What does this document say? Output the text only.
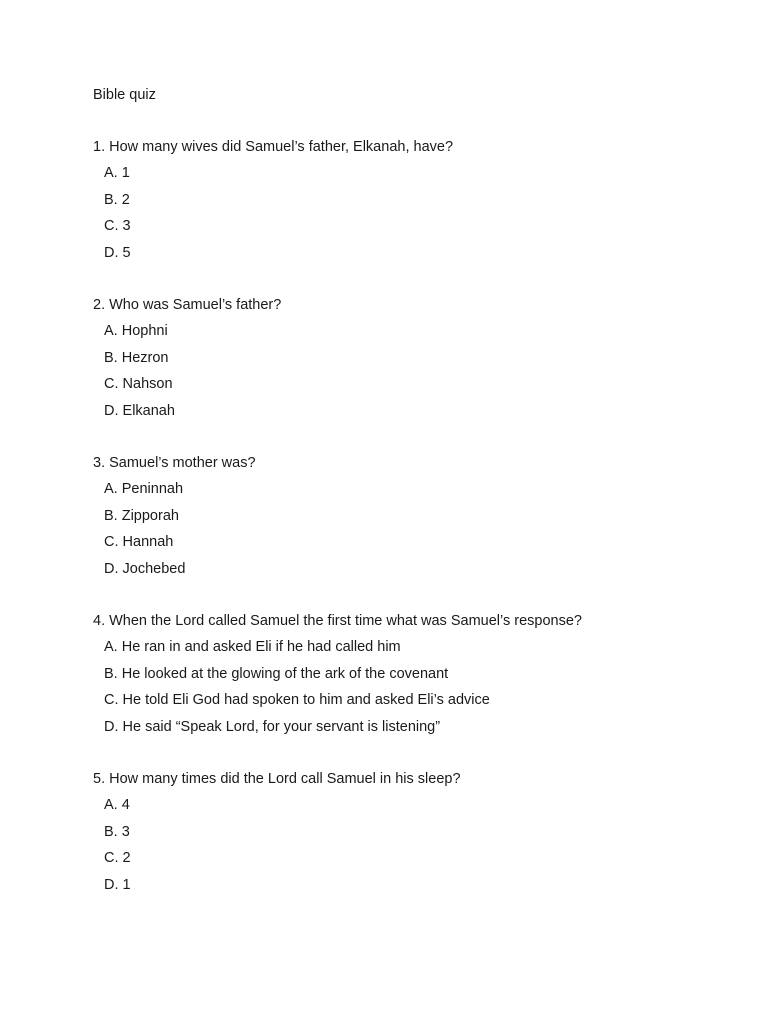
Bible quiz
1. How many wives did Samuel’s father, Elkanah, have?
A. 1
B. 2
C. 3
D. 5
2. Who was Samuel’s father?
A. Hophni
B. Hezron
C. Nahson
D. Elkanah
3. Samuel’s mother was?
A. Peninnah
B. Zipporah
C. Hannah
D. Jochebed
4. When the Lord called Samuel the first time what was Samuel’s response?
A. He ran in and asked Eli if he had called him
B. He looked at the glowing of the ark of the covenant
C. He told Eli God had spoken to him and asked Eli’s advice
D. He said “Speak Lord, for your servant is listening”
5. How many times did the Lord call Samuel in his sleep?
A. 4
B. 3
C. 2
D. 1
